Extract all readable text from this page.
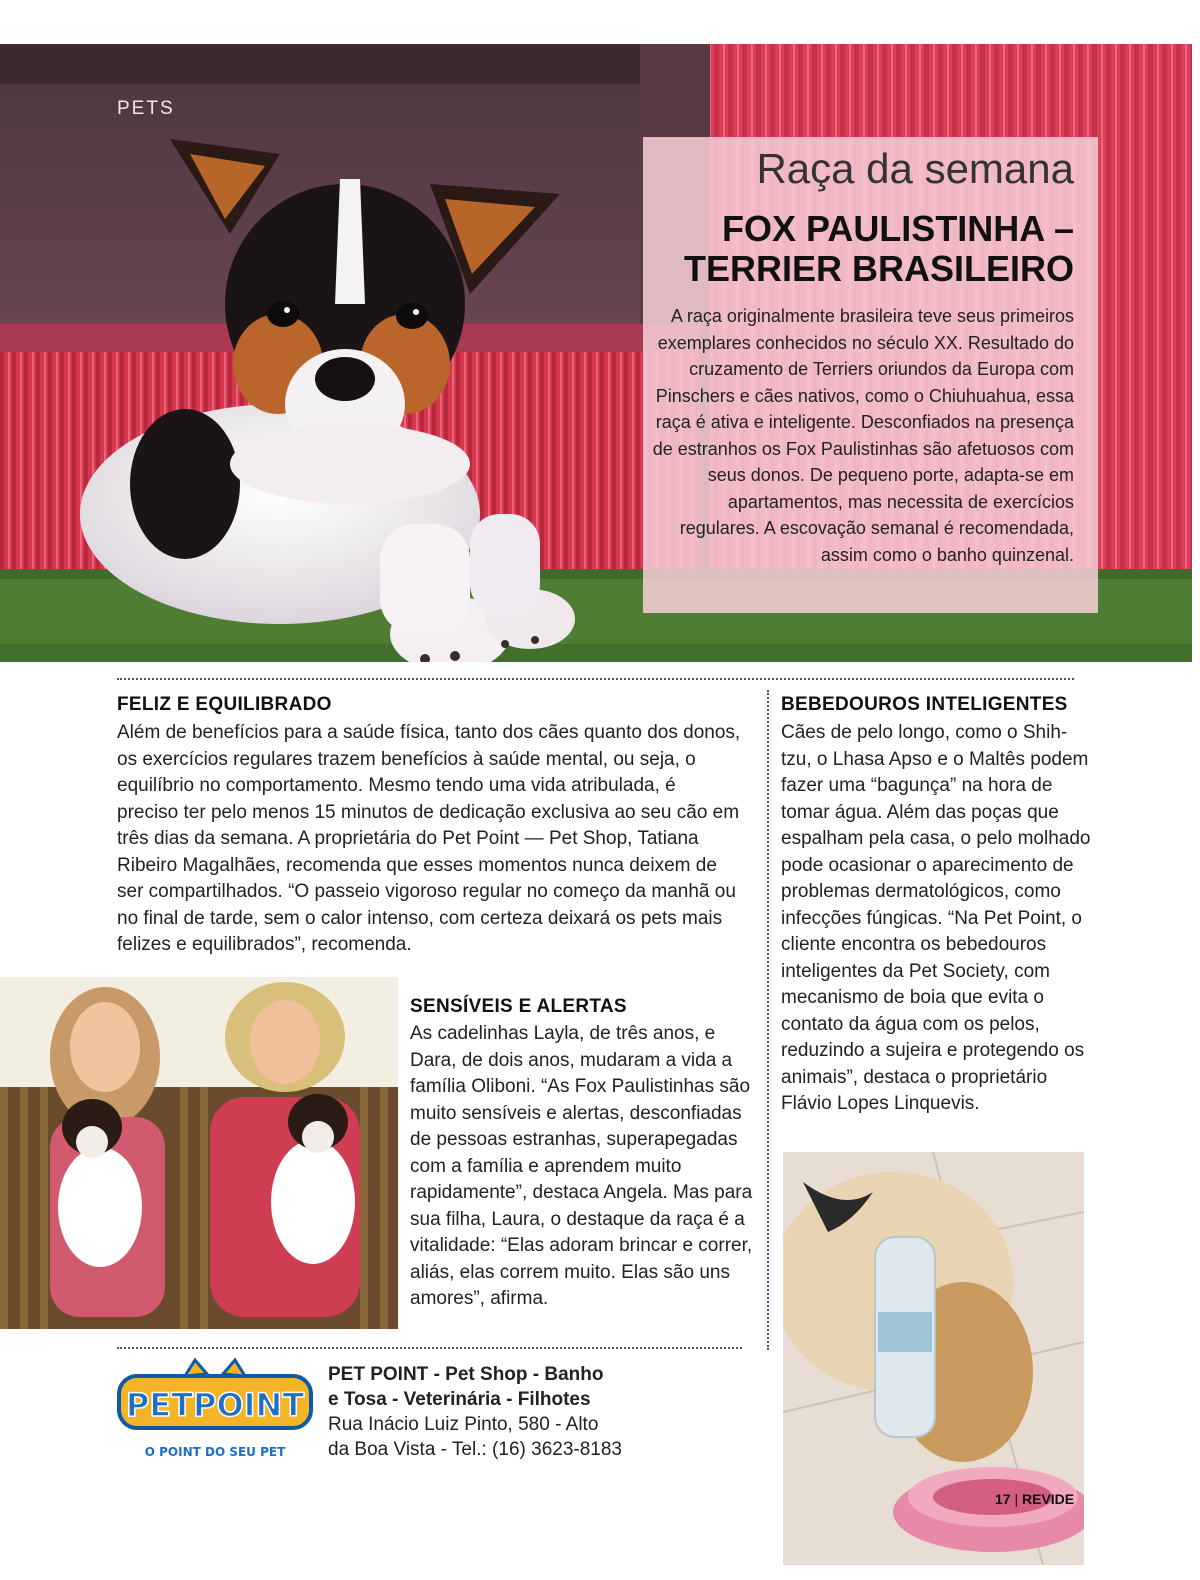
PETS
Raça da semana
FOX PAULISTINHA – TERRIER BRASILEIRO

A raça originalmente brasileira teve seus primeiros exemplares conhecidos no século XX. Resultado do cruzamento de Terriers oriundos da Europa com Pinschers e cães nativos, como o Chiuhuahua, essa raça é ativa e inteligente. Desconfiados na presença de estranhos os Fox Paulistinhas são afetuosos com seus donos. De pequeno porte, adapta-se em apartamentos, mas necessita de exercícios regulares. A escovação semanal é recomendada, assim como o banho quinzenal.

FELIZ E EQUILIBRADO

Além de benefícios para a saúde física, tanto dos cães quanto dos donos, os exercícios regulares trazem benefícios à saúde mental, ou seja, o equilíbrio no comportamento. Mesmo tendo uma vida atribulada, é preciso ter pelo menos 15 minutos de dedicação exclusiva ao seu cão em três dias da semana. A proprietária do Pet Point — Pet Shop, Tatiana Ribeiro Magalhães, recomenda que esses momentos nunca deixem de ser compartilhados. “O passeio vigoroso regular no começo da manhã ou no final de tarde, sem o calor intenso, com certeza deixará os pets mais felizes e equilibrados”, recomenda.

SENSÍVEIS E ALERTAS

As cadelinhas Layla, de três anos, e Dara, de dois anos, mudaram a vida a família Oliboni. “As Fox Paulistinhas são muito sensíveis e alertas, desconfiadas de pessoas estranhas, superapegadas com a família e aprendem muito rapidamente”, destaca Angela. Mas para sua filha, Laura, o destaque da raça é a vitalidade: “Elas adoram brincar e correr, aliás, elas correm muito. Elas são uns amores”, afirma.

BEBEDOUROS INTELIGENTES

Cães de pelo longo, como o Shih-tzu, o Lhasa Apso e o Maltês podem fazer uma “bagunça” na hora de tomar água. Além das poças que espalham pela casa, o pelo molhado pode ocasionar o aparecimento de problemas dermatológicos, como infecções fúngicas. “Na Pet Point, o cliente encontra os bebedouros inteligentes da Pet Society, com mecanismo de boia que evita o contato da água com os pelos, reduzindo a sujeira e protegendo os animais”, destaca o proprietário Flávio Lopes Linquevis.

PETPOINT
O POINT DO SEU PET
PET POINT - Pet Shop - Banho
e Tosa - Veterinária - Filhotes
Rua Inácio Luiz Pinto, 580 - Alto
da Boa Vista - Tel.: (16) 3623-8183
17 | REVIDE
